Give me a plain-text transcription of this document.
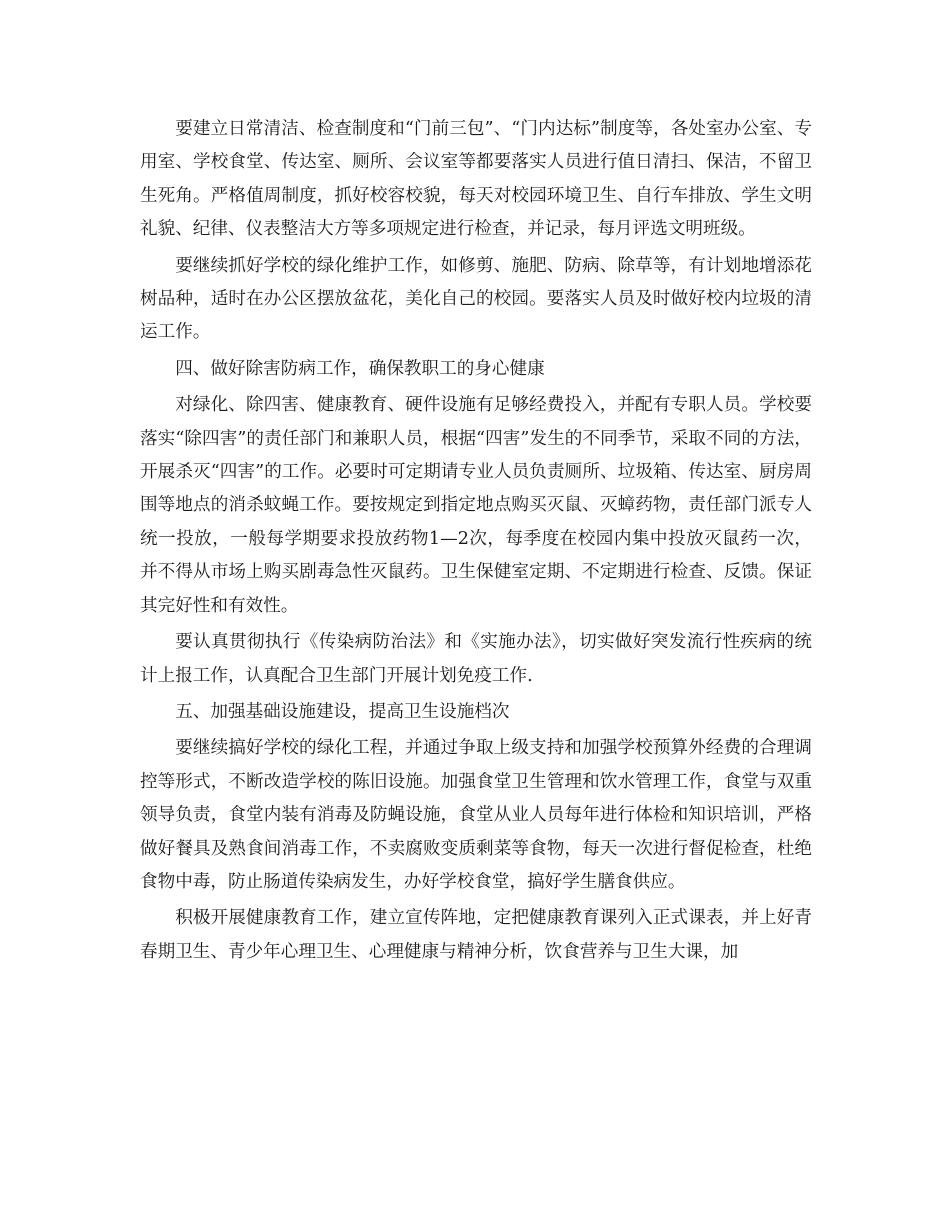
要建立日常清洁、检查制度和“门前三包”、“门内达标”制度等，各处室办公室、专用室、学校食堂、传达室、厕所、会议室等都要落实人员进行值日清扫、保洁，不留卫生死角。严格值周制度，抓好校容校貌，每天对校园环境卫生、自行车排放、学生文明礼貌、纪律、仪表整洁大方等多项规定进行检查，并记录，每月评选文明班级。

要继续抓好学校的绿化维护工作，如修剪、施肥、防病、除草等，有计划地增添花树品种，适时在办公区摆放盆花，美化自己的校园。要落实人员及时做好校内垃圾的清运工作。

四、做好除害防病工作，确保教职工的身心健康

对绿化、除四害、健康教育、硬件设施有足够经费投入，并配有专职人员。学校要落实“除四害”的责任部门和兼职人员，根据“四害”发生的不同季节，采取不同的方法，开展杀灭“四害”的工作。必要时可定期请专业人员负责厕所、垃圾箱、传达室、厨房周围等地点的消杀蚊蝇工作。要按规定到指定地点购买灭鼠、灭蟑药物，责任部门派专人统一投放，一般每学期要求投放药物1—2次，每季度在校园内集中投放灭鼠药一次，并不得从市场上购买剧毒急性灭鼠药。卫生保健室定期、不定期进行检查、反馈。保证其完好性和有效性。

要认真贯彻执行《传染病防治法》和《实施办法》，切实做好突发流行性疾病的统计上报工作，认真配合卫生部门开展计划免疫工作.

五、加强基础设施建设，提高卫生设施档次

要继续搞好学校的绿化工程，并通过争取上级支持和加强学校预算外经费的合理调控等形式，不断改造学校的陈旧设施。加强食堂卫生管理和饮水管理工作，食堂与双重领导负责，食堂内装有消毒及防蝇设施，食堂从业人员每年进行体检和知识培训，严格做好餐具及熟食间消毒工作，不卖腐败变质剩菜等食物，每天一次进行督促检查，杜绝食物中毒，防止肠道传染病发生，办好学校食堂，搞好学生膳食供应。

积极开展健康教育工作，建立宣传阵地，定把健康教育课列入正式课表，并上好青春期卫生、青少年心理卫生、心理健康与精神分析，饮食营养与卫生大课，加
